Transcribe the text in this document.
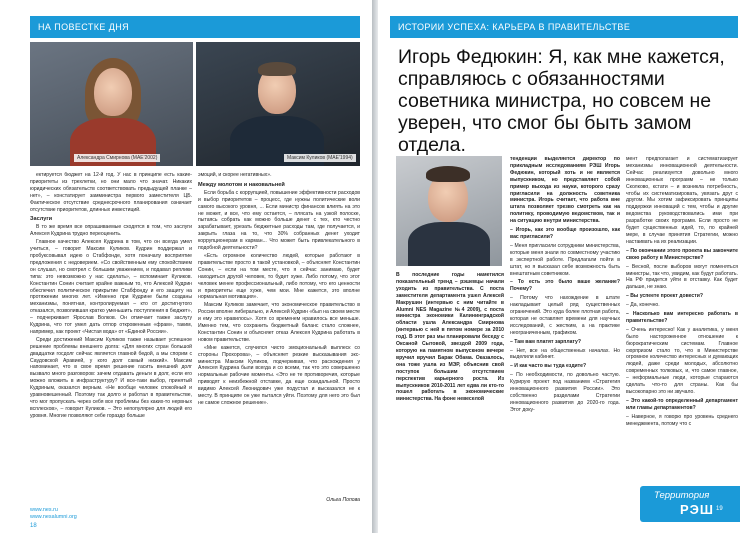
НА ПОВЕСТКЕ ДНЯ
Александра Смирнова (МАЕ'2002)	Максим Куликов (МАЕ'1994)

ектируется бюджет на 12-й год. У нас в принципе есть какие-приоритеты из трехлетки, но они мало что значат. Никаких юридических обязательств соответствовать предыдущей планке – нет», – констатирует замминистра первого заместителя ЦБ. Фактическое отсутствие среднесрочного планирования означает отсутствие приоритетов, длинных инвестиций.

Заслуги

В то же время все опрашиваемые сходятся в том, что заслуги Алексея Кудрина трудно переоценить.

Главное качество Алексея Кудрина в том, что он всегда умел учиться, – говорит Максим Куликов. Кудрин поддержал и пробуксовывал идею о Стабфонде, хотя поначалу восприятие предложения с недоверием. «Со свойственным ему спокойствием он слушал, но смотрел с большим уважением, и подавал реплики типа: это невозможно у нас сделать», – вспоминает Куликов. Константин Сонин считает крайне важным то, что Алексей Кудрин обеспечил политическое прикрытие Стабфонду и его защиту на протяжении многих лет. «Именно при Кудрине были созданы механизмы, понятная, контролируемая – кто от достигнутого отказался, позволившая кратко уменьшить поступления в бюджет», – подчеркивает Ярослав Волков. Он отмечает также заслугу Кудрина, что тот умел дать отпор откровенным «фрам», таким, например, как проект «Чистая вода» от «Единой России».

Среди достижений Максим Куликов также называет успешное решение проблемы внешнего долга: «Для многих стран большой двадцатки госдолг сейчас является главной бедой, а мы спорим с Саудовской Аравией, у кого долг самый низкий». Максим напоминает, что в свое время решение гасить внешний долг вызвало много разговоров: зачем отдавать деньги в долг, если его можно вложить в инфраструктуру? И все-таки выбор, принятый Кудриным, оказался верным. «Не вообще человек спокойный и уравновешенный. Поэтому так долго и работал в правительстве, что мог пропускать через себя все проблемы без каких-то нервных всплесков», – говорит Куликов. – Это непопулярно для людей его уровня. Многие позволяют себе гораздо больше

эмоций, и скорее негативных».

Между молотом и наковальней

Если борьба с коррупцией, повышение эффективности расходов и выбор приоритетов – процесс, где нужны политические воли самого высокого уровня, ... Если министр финансов влиять на это не может, и все, что ему остается, – плясать на узкой полоске, пытаясь собрать как можно больше денег с тех, кто честно зарабатывает, урезать бюджетные расходы там, где получается, и закрыть глаза на то, что 30% собранных денег уходит коррупционерам в карман... Что может быть привлекательного в подобной деятельности?

«Есть огромное количество людей, которые работают в правительстве просто в такой установкой, – объясняет Константин Сонин, – если на том месте, что я сейчас занимаю, будет находиться другой человек, то будет хуже. Либо потому, что этот человек менее профессиональный, либо потому, что его ценности и приоритеты еще хуже, чем мои. Мне кажется, это вполне нормальная мотивация».

Максим Куликов замечает, что экономическое правительство в России вполне либерально, и Алексей Кудрин «был на своем месте и ему это нравилось». Хотя со временем нравилось все меньше. Именно тем, что сохранить бюджетный баланс стало сложнее, Константин Сонин и объясняет отказ Алексея Кудрина работать в новом правительстве.

«Мне кажется, случился чисто эмоциональный выплеск со стороны Прохорова», – объясняет резкие высказывания экс-министра Максим Куликов, подчеркивая, что расхождения у Алексея Кудрина были всегда и со всеми, так что это совершенно нормальные рабочие моменты. «Это не те противоречия, которые приводят к неизбежной отставке, да еще скандальной. Просто видимо Алексей Леонидович уже подустал и высказался не к месту. В принципе он уже пытался уйти. Поэтому для него это был не самое сложное решение».

Ольга Попова
www.nes.ru
www.nesalumni.org
18
ИСТОРИИ УСПЕХА: КАРЬЕРА В ПРАВИТЕЛЬСТВЕ
Игорь Федюкин: Я, как мне кажется, справляюсь с обязанностями советника министра, но совсем не уверен, что смог бы быть замом отдела.

В последние годы наметился показательный тренд – рэшевцы начали уходить из правительства. С поста заместителя департамента ушел Алексей Макрушин (интервью с ним читайте в Alumni NES Magazine №4 2009), с поста министра экономики Калининградской области ушла Александра Смирнова (интервью с ней в пятом номере за 2010 год). В этот раз мы планировали беседу с Оксаной Сытовой, звездой 2009 года, которую на памятном выпускном вечере вручил вручил Барак Обама. Оказалось, она тоже ушла из МЭР, объяснив свой поступок большим отсутствием перспектив карьерного роста. Из выпускников 2010-2011 лет едва ли кто-то пошел работать в экономические министерства. На фоне невеселой

тенденции выделяется директор по прикладным исследованиям РЭШ Игорь Федюкин, который хоть и не является выпускником, но представляет собой пример выхода из науки, которого сразу пригласили на должность советника министра. Игорь считает, что работа вне штата позволяет трезво смотреть как на политику, проводимую ведомством, так и на ситуацию внутри министерства.

– Игорь, как это вообще произошло, как вас пригласили?

– Меня пригласили сотрудники министерства, которые меня знали по совместному участию в экспертной работе. Предлагали пойти в штат, но я высказал себе возможность быть внештатным советником.

– То есть это было ваше желание? Почему?

– Потому что нахождение в штате накладывает целый ряд существенных ограничений. Это куда более плотная работа, которая не оставляет времени для научных исследований, с жестким, а на практике неограниченным, графиком.

– Там вам платят зарплату?

– Нет, все на общественных началах. Но выделили кабинет.

– И как часто вы туда ездите?

– По необходимости, по довольно частую. Курирую проект под названием «Стратегия инновационного развития России». Это собственно разделами Стратегии инновационного развития до 2020-го года. Этот доку-

мент предполагает и систематизирует механизмы инновационной деятельности. Сейчас реализуется довольно много инновационных программ – не только Сколково, кстати – и возникла потребность, чтобы их систематизировать, увязать друг с другом. Мы хотим зафиксировать принципы поддержки инноваций с тем, чтобы и другие ведомства руководствовались ими при разработке своих программ. Если просто не будет существенных идей, то, по крайней мере, в случае принятия Стратегии, можно настаивать на их реализации.

– По окончании этого проекта вы закончите свою работу в Министерстве?

– Весной, после выборов могут поменяться министры, так что, увидим, как будут работать. На РФ придется уйти в отставку. Как будет дальше, не знаю.

– Вы успеете проект довести?

– Да, конечно.

– Насколько вам интересно работать в правительстве?

– Очень интересно! Как у аналитика, у меня было настороженное отношение к бюрократическим системам. Главное сюрпризом стало то, что в Министерстве огромное количество интересных и думающих людей, даже среди молодых, абсолютно современных толковых, и, что самое главное, – неформальные люди, которые стараются сделать что-то для страны. Как бы высокопарно это ни звучало.

– Это какой-то определенный департамент или главы департаментов?

– Наверное, я говорю про уровень среднего менеджмента, потому что с

Территория
РЭШ 19
